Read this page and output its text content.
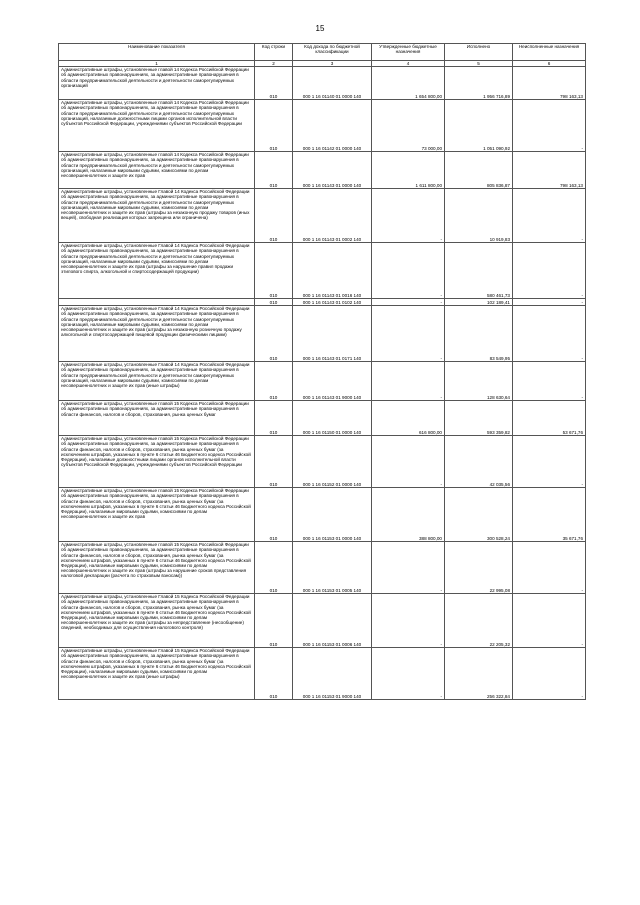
15
Наименование показателя	Код строки	Код дохода по бюджетной классификации	Утвержденные бюджетные назначения	Исполнено	Неисполненные назначения
1	2	3	4	5	6
Административные штрафы, установленные главой 14 Кодекса Российской Федерации об административных правонарушениях, за административные правонарушения в области предпринимательской деятельности и деятельности саморегулируемых организаций	010	000 1 16 01140 01 0000 140	1 654 800,00	1 956 716,89	798 163,13
Административные штрафы, установленные главой 14 Кодекса Российской Федерации об административных правонарушениях, за административные правонарушения в области предпринимательской деятельности и деятельности саморегулируемых организаций, налагаемые должностными лицами органов исполнительной власти субъектов Российской Федерации, учреждениями субъектов Российской Федерации	010	000 1 16 01142 01 0000 140	73 000,00	1 051 090,92	-
Административные штрафы, установленные главой 14 Кодекса Российской Федерации об административных правонарушениях, за административные правонарушения в области предпринимательской деятельности и деятельности саморегулируемых организаций, налагаемые мировыми судьями, комиссиями по делам несовершеннолетних и защите их прав	010	000 1 16 01143 01 0000 140	1 611 800,00	805 836,87	798 163,13
Административные штрафы, установленные Главой 14 Кодекса Российской Федерации об административных правонарушениях, за административные правонарушения в области предпринимательской деятельности и деятельности саморегулируемых организаций, налагаемые мировыми судьями, комиссиями по делам несовершеннолетних и защите их прав (штрафы за незаконную продажу товаров (иных вещей), свободная реализация которых запрещена или ограничена)	010	000 1 16 01143 01 0002 140	-	10 919,83	-
Административные штрафы, установленные Главой 14 Кодекса Российской Федерации об административных правонарушениях, за административные правонарушения в области предпринимательской деятельности и деятельности саморегулируемых организаций, налагаемые мировыми судьями, комиссиями по делам несовершеннолетних и защите их прав (штрафы за нарушение правил продажи этилового спирта, алкогольной и спиртосодержащей продукции)	010	000 1 16 01143 01 0016 140	-	580 461,73	-
	010	000 1 16 01143 01 0102 140	-	102 189,41	-
Административные штрафы, установленные Главой 14 Кодекса Российской Федерации об административных правонарушениях, за административные правонарушения в области предпринимательской деятельности и деятельности саморегулируемых организаций, налагаемые мировыми судьями, комиссиями по делам несовершеннолетних и защите их прав (штрафы за незаконную розничную продажу алкогольной и спиртосодержащей пищевой продукции физическими лицами)	010	000 1 16 01143 01 0171 140	-	83 549,95	-
Административные штрафы, установленные Главой 14 Кодекса Российской Федерации об административных правонарушениях, за административные правонарушения в области предпринимательской деятельности и деятельности саморегулируемых организаций, налагаемые мировыми судьями, комиссиями по делам несовершеннолетних и защите их прав (иные штрафы)	010	000 1 16 01143 01 9000 140	-	128 630,64	-
Административные штрафы, установленные главой 15 Кодекса Российской Федерации об административных правонарушениях, за административные правонарушения в области финансов, налогов и сборов, страхования, рынка ценных бумаг	010	000 1 16 01150 01 0000 140	616 800,00	593 359,82	53 671,76
Административные штрафы, установленные главой 15 Кодекса Российской Федерации об административных правонарушениях, за административные правонарушения в области финансов, налогов и сборов, страхования, рынка ценных бумаг (за исключением штрафов, указанных в пункте 6 статьи 46 Бюджетного кодекса Российской Федерации), налагаемые должностными лицами органов исполнительной власти субъектов Российской Федерации, учреждениями субъектов Российской Федерации	010	000 1 16 01152 01 0000 140	-	42 035,56	-
Административные штрафы, установленные главой 15 Кодекса Российской Федерации об административных правонарушениях, за административные правонарушения в области финансов, налогов и сборов, страхования, рынка ценных бумаг (за исключением штрафов, указанных в пункте 6 статьи 46 Бюджетного кодекса Российской Федерации), налагаемые мировыми судьями, комиссиями по делам несовершеннолетних и защите их прав	010	000 1 16 01153 01 0000 140	388 800,00	300 528,24	35 671,76
Административные штрафы, установленные главой 15 Кодекса Российской Федерации об административных правонарушениях, за административные правонарушения в области финансов, налогов и сборов, страхования, рынка ценных бумаг (за исключением штрафов, указанных в пункте 6 статьи 46 Бюджетного кодекса Российской Федерации), налагаемые мировыми судьями, комиссиями по делам несовершеннолетних и защите их прав (штрафы за нарушение сроков представления налоговой декларации (расчета по страховым взносам))	010	000 1 16 01153 01 0005 140	-	22 995,08	-
Административные штрафы, установленные Главой 15 Кодекса Российской Федерации об административных правонарушениях, за административные правонарушения в области финансов, налогов и сборов, страхования, рынка ценных бумаг (за исключением штрафов, указанных в пункте 6 статьи 46 Бюджетного кодекса Российской Федерации), налагаемые мировыми судьями, комиссиями по делам несовершеннолетних и защите их прав (штрафы за непредставление (несообщение) сведений, необходимых для осуществления налогового контроля)	010	000 1 16 01153 01 0006 140	-	22 205,32	-
Административные штрафы, установленные Главой 15 Кодекса Российской Федерации об административных правонарушениях, за административные правонарушения в области финансов, налогов и сборов, страхования, рынка ценных бумаг (за исключением штрафов, указанных в пункте 6 статьи 46 Бюджетного кодекса Российской Федерации), налагаемые мировыми судьями, комиссиями по делам несовершеннолетних и защите их прав (иные штрафы)	010	000 1 16 01153 01 9000 140	-	256 322,84	-
